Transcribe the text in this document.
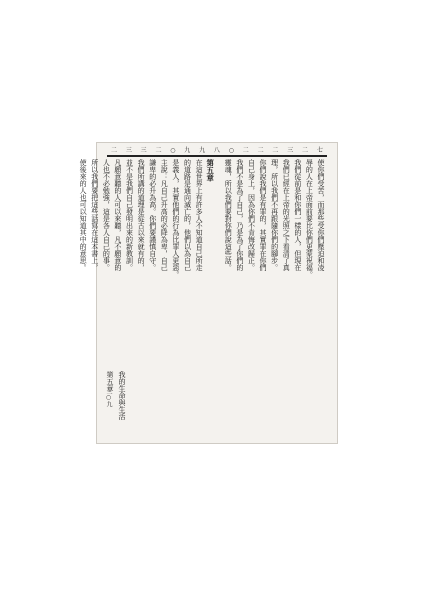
二 三 三 二 ○ 九 九 八 ○ 二 二 二 三 二 七
使你們受苦，而那些受你們壓迫和凌
辱的人在上帝面前要比你們更蒙祝福。
我們從前是和你們一樣的人，但現在
我們已經在上帝的光照之下看清了真
理，所以我們不再跟隨你們的腳步。
你們說我們是有罪的，其實罪在你們
自己身上，因為你們不肯悔改歸正。
我們不是為了自己，乃是為了你們的
靈魂，所以我們要對你們說這些話。
第五章
在這世界上有許多人不知道自己所走
的道路是通向滅亡的，他們以為自己
是義人，其實他們的行為比罪人更惡。
主說：凡自己升高的必降為卑，自己
謙卑的必升為高。你們要謹慎自守。
我們所講的道理是從古以來就有的，
並不是我們自己發明出來的新教訓。
凡願意聽的人可以來聽，凡不願意的
人也不必勉強，這是各人自己的事。
所以我們要把這些話寫在這本書上，
使後來的人也可以知道其中的意思。
我的生命與生活
第五章
三○九
